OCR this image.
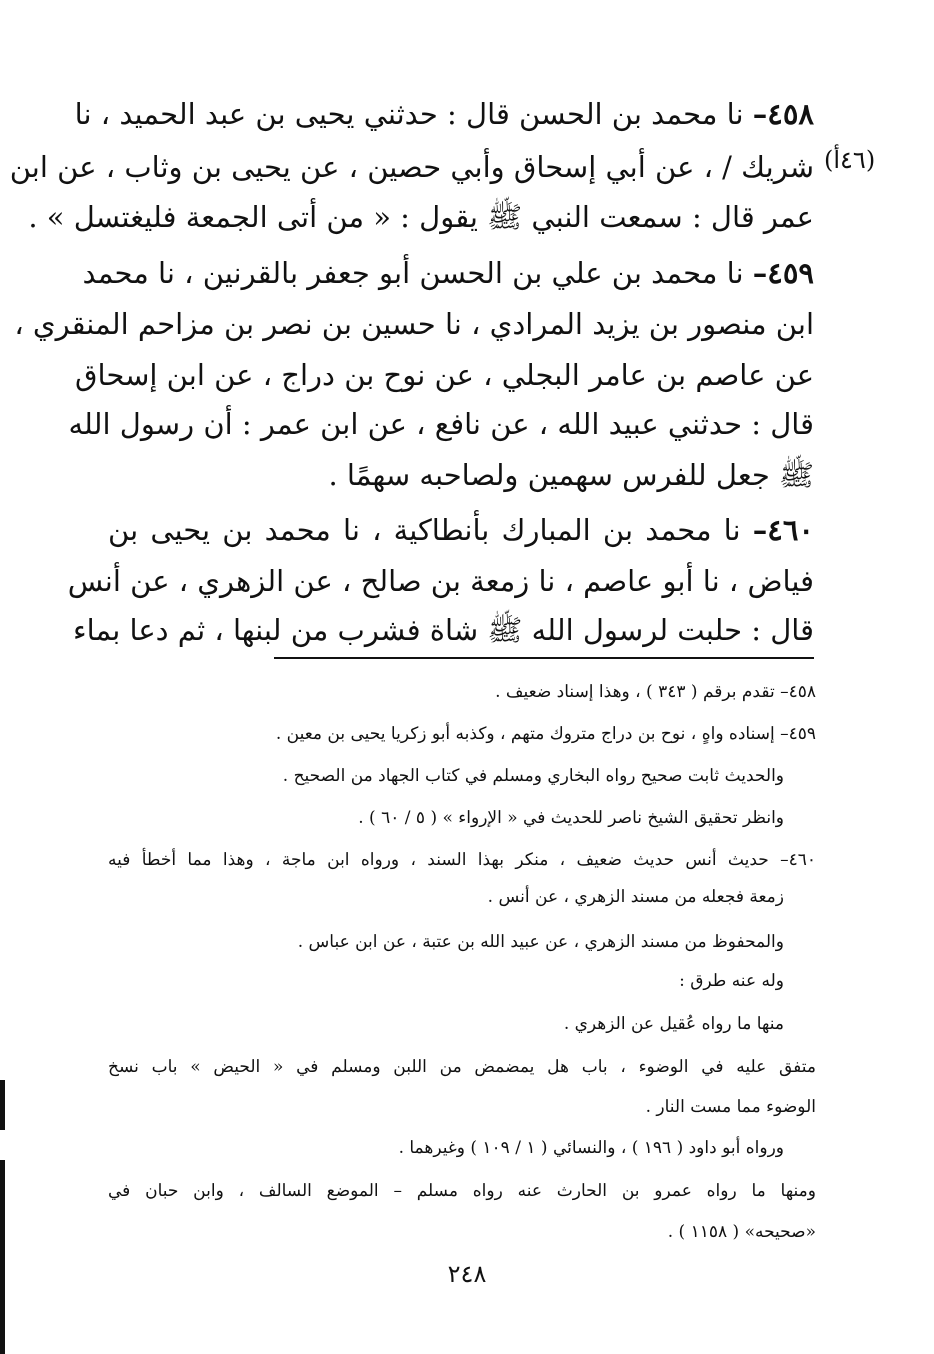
٤٥٨– نا محمد بن الحسن قال : حدثني يحيى بن عبد الحميد ، نا

(٤٦أ)

شريك / ، عن أبي إسحاق وأبي حصين ، عن يحيى بن وثاب ، عن ابن

عمر قال : سمعت النبي ﷺ يقول : « من أتى الجمعة فليغتسل » .

٤٥٩– نا محمد بن علي بن الحسن أبو جعفر بالقرنين ، نا محمد

ابن منصور بن يزيد المرادي ، نا حسين بن نصر بن مزاحم المنقري ،

عن عاصم بن عامر البجلي ، عن نوح بن دراج ، عن ابن إسحاق

قال : حدثني عبيد الله ، عن نافع ، عن ابن عمر : أن رسول الله

ﷺ جعل للفرس سهمين ولصاحبه سهمًا .

٤٦٠– نا محمد بن المبارك بأنطاكية ، نا محمد بن يحيى بن

فياض ، نا أبو عاصم ، نا زمعة بن صالح ، عن الزهري ، عن أنس

قال : حلبت لرسول الله ﷺ شاة فشرب من لبنها ، ثم دعا بماء

٤٥٨– تقدم برقم ( ٣٤٣ ) ، وهذا إسناد ضعيف .

٤٥٩– إسناده واهٍ ، نوح بن دراج متروك متهم ، وكذبه أبو زكريا يحيى بن معين .

والحديث ثابت صحيح رواه البخاري ومسلم في كتاب الجهاد من الصحيح .

وانظر تحقيق الشيخ ناصر للحديث في « الإرواء » ( ٥ / ٦٠ ) .

٤٦٠– حديث أنس حديث ضعيف ، منكر بهذا السند ، ورواه ابن ماجة ، وهذا مما أخطأ فيه

زمعة فجعله من مسند الزهري ، عن أنس .

والمحفوظ من مسند الزهري ، عن عبيد الله بن عتبة ، عن ابن عباس .

وله عنه طرق :

منها ما رواه عُقيل عن الزهري .

متفق عليه في الوضوء ، باب هل يمضمض من اللبن ومسلم في « الحيض » باب نسخ

الوضوء مما مست النار .

ورواه أبو داود ( ١٩٦ ) ، والنسائي ( ١ / ١٠٩ ) وغيرهما .

ومنها ما رواه عمرو بن الحارث عنه رواه مسلم – الموضع السالف ، وابن حبان في

«صحيحه» ( ١١٥٨ ) .

٢٤٨
